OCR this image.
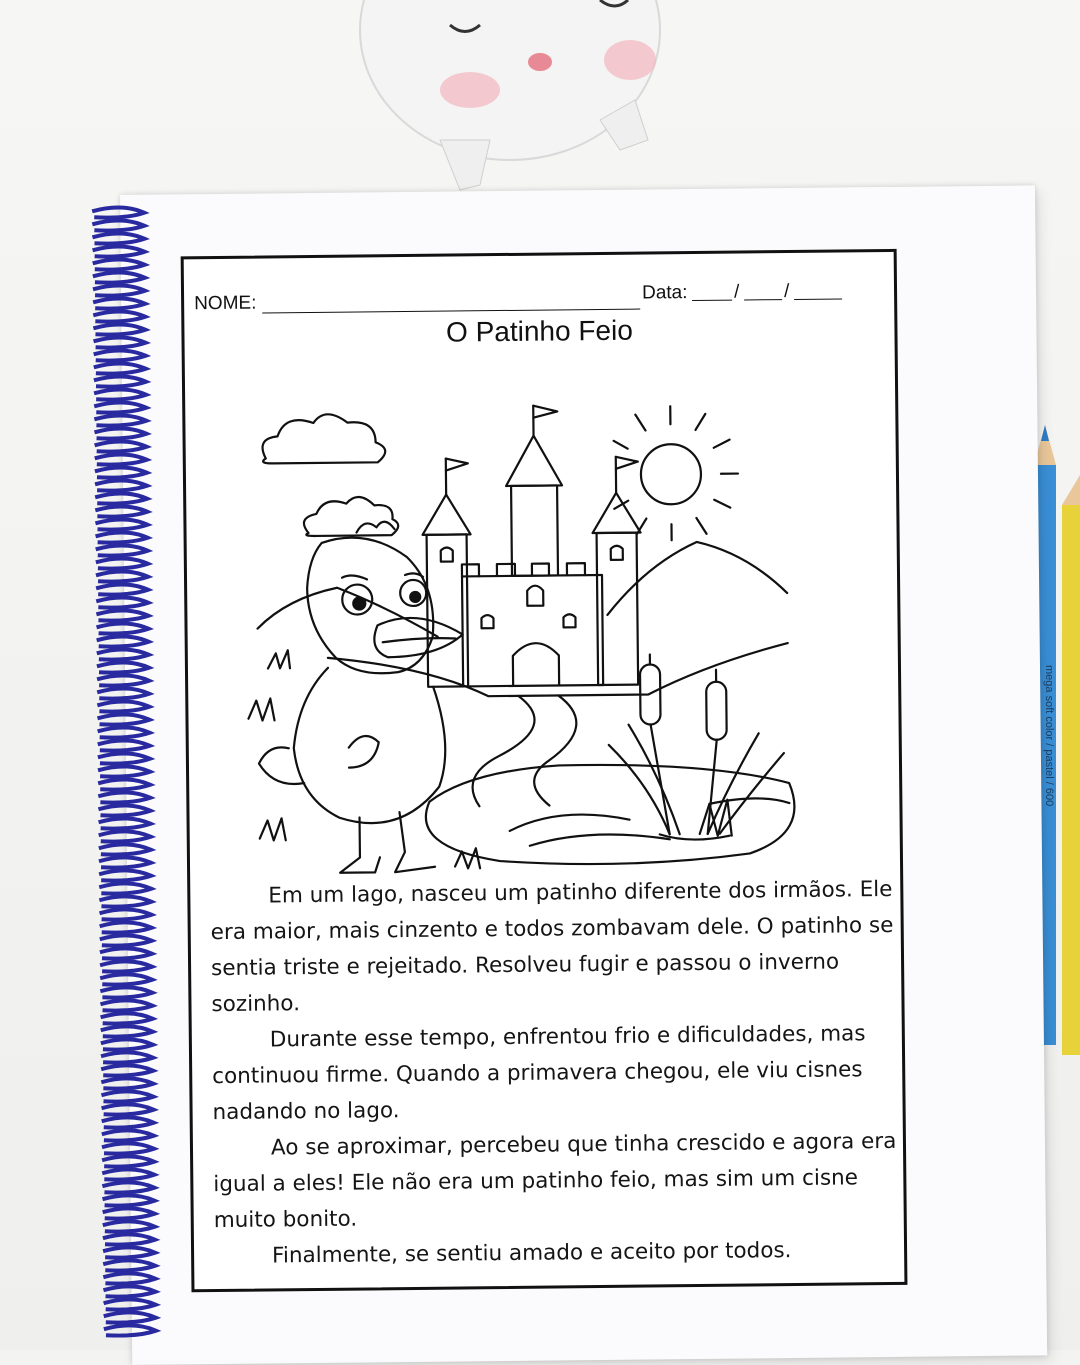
mega soft color / pastel / 600
NOME:	Data: / /
O Patinho Feio

Em um lago, nasceu um patinho diferente dos irmãos. Ele era maior, mais cinzento e todos zombavam dele. O patinho se sentia triste e rejeitado. Resolveu fugir e passou o inverno sozinho.

Durante esse tempo, enfrentou frio e dificuldades, mas continuou firme. Quando a primavera chegou, ele viu cisnes nadando no lago.

Ao se aproximar, percebeu que tinha crescido e agora era igual a eles! Ele não era um patinho feio, mas sim um cisne muito bonito.

Finalmente, se sentiu amado e aceito por todos.
